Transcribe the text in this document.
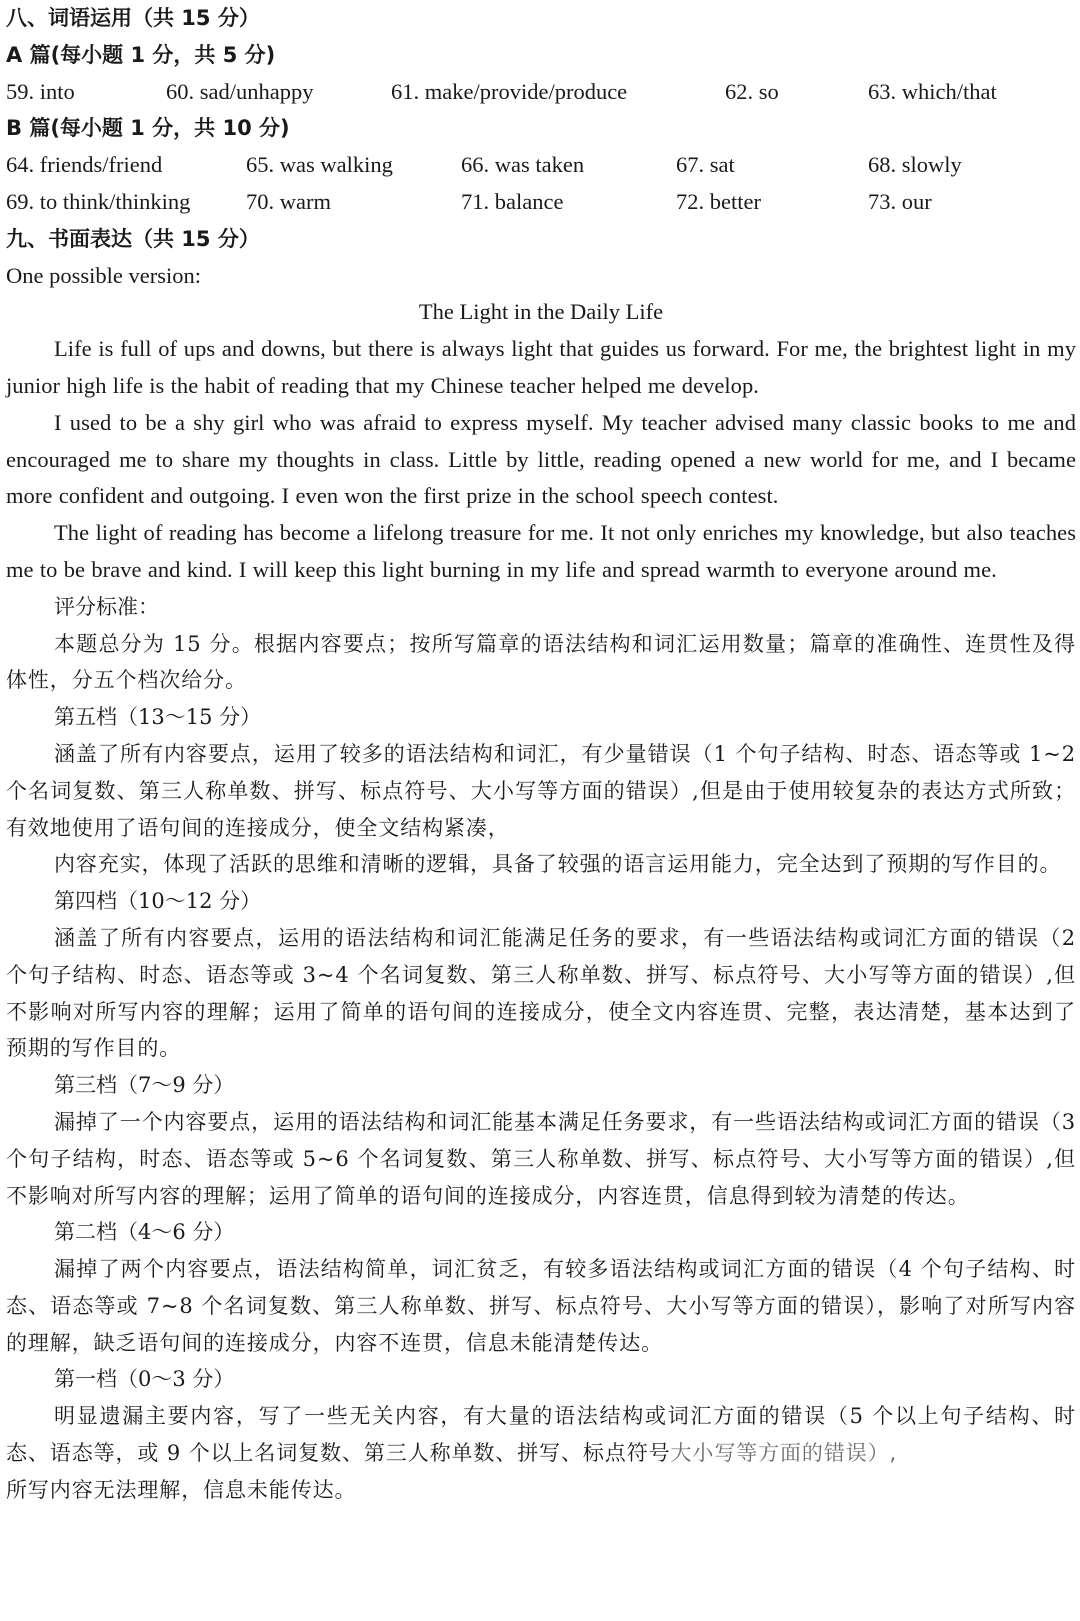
八、词语运用（共 15 分）
A 篇(每小题 1 分，共 5 分)
59. into	60. sad/unhappy	61. make/provide/produce	62. so	63. which/that
B 篇(每小题 1 分，共 10 分)
64. friends/friend	65. was walking	66. was taken	67. sat	68. slowly
69. to think/thinking 70. warm	71. balance	72. better	73. our
九、书面表达（共 15 分）
One possible version:
The Light in the Daily Life

Life is full of ups and downs, but there is always light that guides us forward. For me, the brightest light in my junior high life is the habit of reading that my Chinese teacher helped me develop.

I used to be a shy girl who was afraid to express myself. My teacher advised many classic books to me and encouraged me to share my thoughts in class. Little by little, reading opened a new world for me, and I became more confident and outgoing. I even won the first prize in the school speech contest.

The light of reading has become a lifelong treasure for me. It not only enriches my knowledge, but also teaches me to be brave and kind. I will keep this light burning in my life and spread warmth to everyone around me.

评分标准：

本题总分为 15 分。根据内容要点；按所写篇章的语法结构和词汇运用数量；篇章的准确性、连贯性及得体性，分五个档次给分。

第五档（13～15 分）

涵盖了所有内容要点，运用了较多的语法结构和词汇，有少量错误（1 个句子结构、时态、语态等或 1~2 个名词复数、第三人称单数、拼写、标点符号、大小写等方面的错误）,但是由于使用较复杂的表达方式所致；有效地使用了语句间的连接成分，使全文结构紧凑，

内容充实，体现了活跃的思维和清晰的逻辑，具备了较强的语言运用能力，完全达到了预期的写作目的。

第四档（10～12 分）

涵盖了所有内容要点，运用的语法结构和词汇能满足任务的要求，有一些语法结构或词汇方面的错误（2 个句子结构、时态、语态等或 3~4 个名词复数、第三人称单数、拼写、标点符号、大小写等方面的错误）,但不影响对所写内容的理解；运用了简单的语句间的连接成分，使全文内容连贯、完整，表达清楚，基本达到了预期的写作目的。

第三档（7～9 分）

漏掉了一个内容要点，运用的语法结构和词汇能基本满足任务要求，有一些语法结构或词汇方面的错误（3 个句子结构，时态、语态等或 5~6 个名词复数、第三人称单数、拼写、标点符号、大小写等方面的错误）,但不影响对所写内容的理解；运用了简单的语句间的连接成分，内容连贯，信息得到较为清楚的传达。

第二档（4～6 分）

漏掉了两个内容要点，语法结构简单，词汇贫乏，有较多语法结构或词汇方面的错误（4 个句子结构、时态、语态等或 7~8 个名词复数、第三人称单数、拼写、标点符号、大小写等方面的错误），影响了对所写内容的理解，缺乏语句间的连接成分，内容不连贯，信息未能清楚传达。

第一档（0～3 分）

明显遗漏主要内容，写了一些无关内容，有大量的语法结构或词汇方面的错误（5 个以上句子结构、时态、语态等，或 9 个以上名词复数、第三人称单数、拼写、标点符号大小写等方面的错误）,

所写内容无法理解，信息未能传达。
